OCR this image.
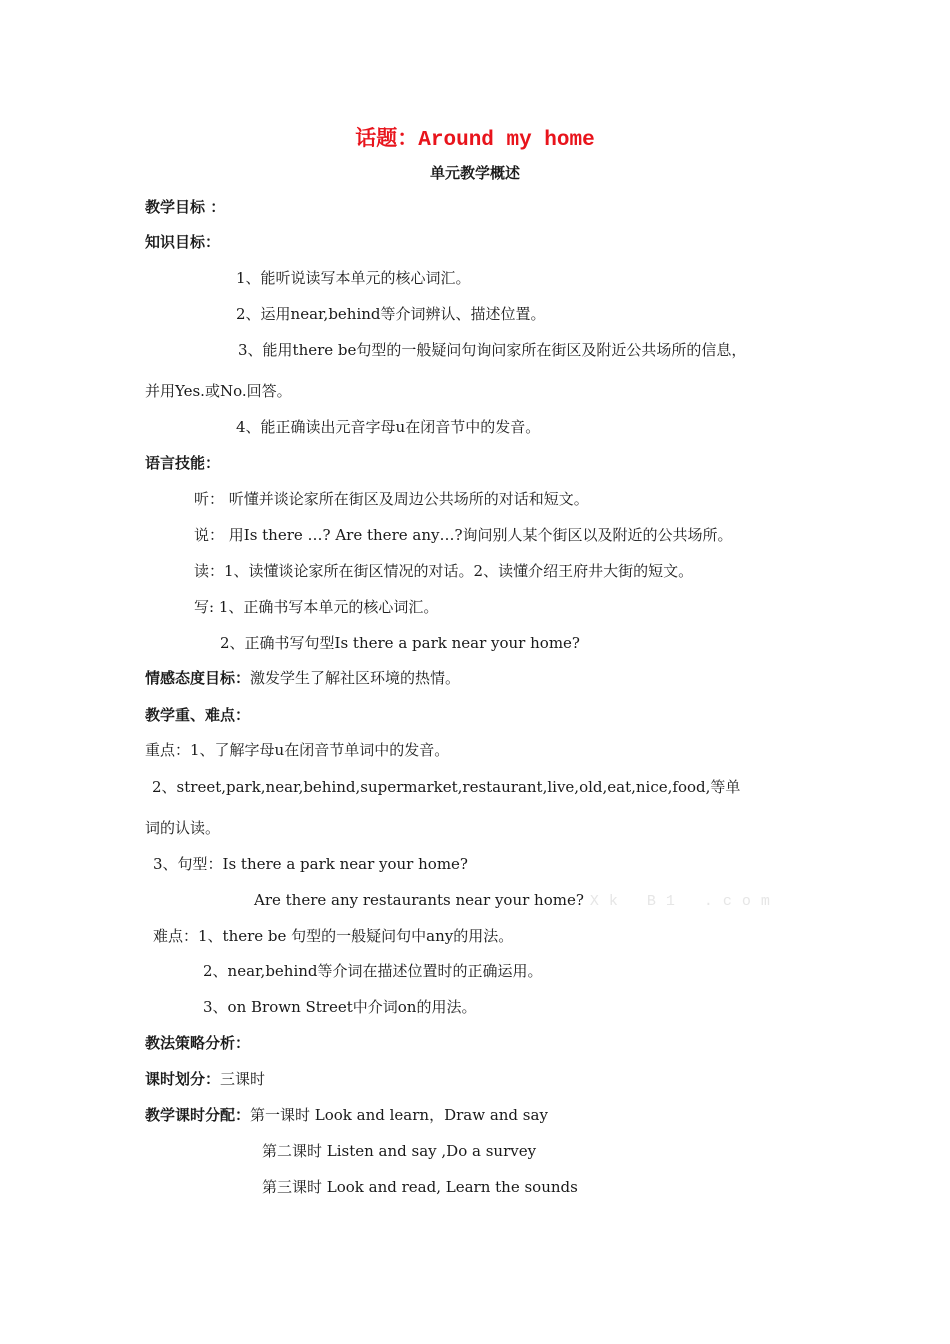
话题：Around my home
单元教学概述
教学目标 ：
知识目标：
1、能听说读写本单元的核心词汇。
2、运用near,behind等介词辨认、描述位置。
3、能用there be句型的一般疑问句询问家所在街区及附近公共场所的信息，
并用Yes.或No.回答。
4、能正确读出元音字母u在闭音节中的发音。
语言技能：
听： 听懂并谈论家所在街区及周边公共场所的对话和短文。
说： 用Is there …? Are there any…?询问别人某个街区以及附近的公共场所。
读：1、读懂谈论家所在街区情况的对话。2、读懂介绍王府井大街的短文。
写: 1、正确书写本单元的核心词汇。
2、正确书写句型Is there a park near your home?
情感态度目标：激发学生了解社区环境的热情。
教学重、难点：
重点：1、了解字母u在闭音节单词中的发音。
2、street,park,near,behind,supermarket,restaurant,live,old,eat,nice,food,等单
词的认读。
3、句型：Is there a park near your home?
Are there any restaurants near your home? Xk B1 .com
难点：1、there be 句型的一般疑问句中any的用法。
2、near,behind等介词在描述位置时的正确运用。
3、on Brown Street中介词on的用法。
教法策略分析：
课时划分：三课时
教学课时分配：第一课时 Look and learn，Draw and say
第二课时 Listen and say ,Do a survey
第三课时 Look and read, Learn the sounds
